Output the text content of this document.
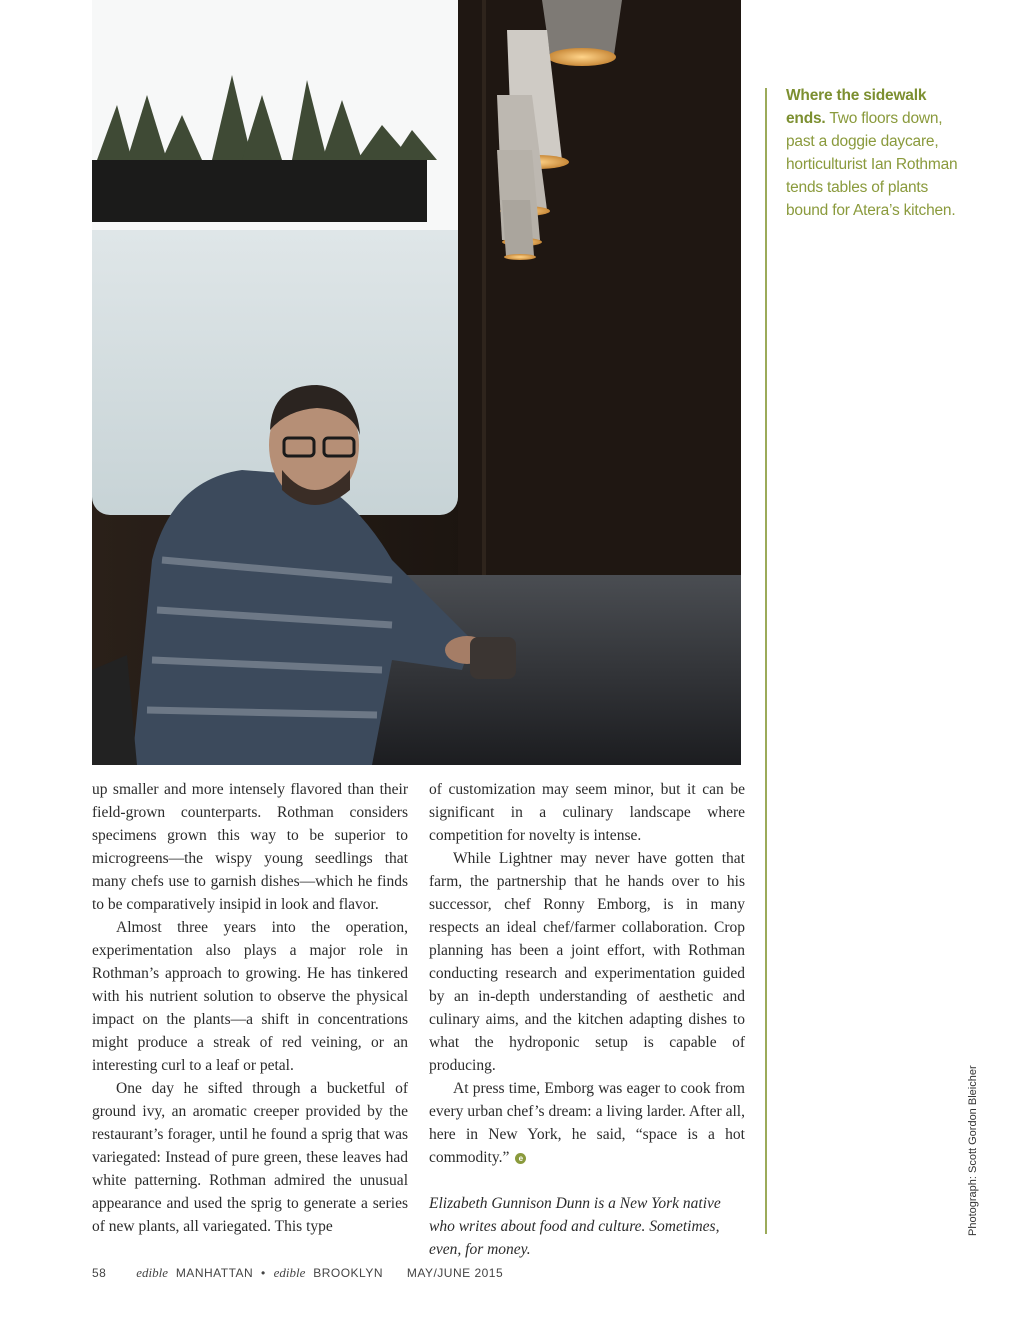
Where the sidewalk ends. Two floors down, past a doggie daycare, horticulturist Ian Rothman tends tables of plants bound for Atera’s kitchen.
Photograph: Scott Gordon Bleicher

up smaller and more intensely flavored than their field-grown counterparts. Rothman considers specimens grown this way to be superior to microgreens—the wispy young seedlings that many chefs use to garnish dishes—which he finds to be comparatively insipid in look and flavor.

Almost three years into the operation, experimentation also plays a major role in Rothman’s approach to growing. He has tinkered with his nutrient solution to observe the physical impact on the plants—a shift in concentrations might produce a streak of red veining, or an interesting curl to a leaf or petal.

One day he sifted through a bucketful of ground ivy, an aromatic creeper provided by the restaurant’s forager, until he found a sprig that was variegated: Instead of pure green, these leaves had white patterning. Rothman admired the unusual appearance and used the sprig to generate a series of new plants, all variegated. This type

of customization may seem minor, but it can be significant in a culinary landscape where competition for novelty is intense.

While Lightner may never have gotten that farm, the partnership that he hands over to his successor, chef Ronny Emborg, is in many respects an ideal chef/farmer collaboration. Crop planning has been a joint effort, with Rothman conducting research and experimentation guided by an in-depth understanding of aesthetic and culinary aims, and the kitchen adapting dishes to what the hydroponic setup is capable of producing.

At press time, Emborg was eager to cook from every urban chef’s dream: a living larder. After all, here in New York, he said, “space is a hot commodity.” e

Elizabeth Gunnison Dunn is a New York native who writes about food and culture. Sometimes, even, for money.

58 edible MANHATTAN • edible BROOKLYN MAY/JUNE 2015
